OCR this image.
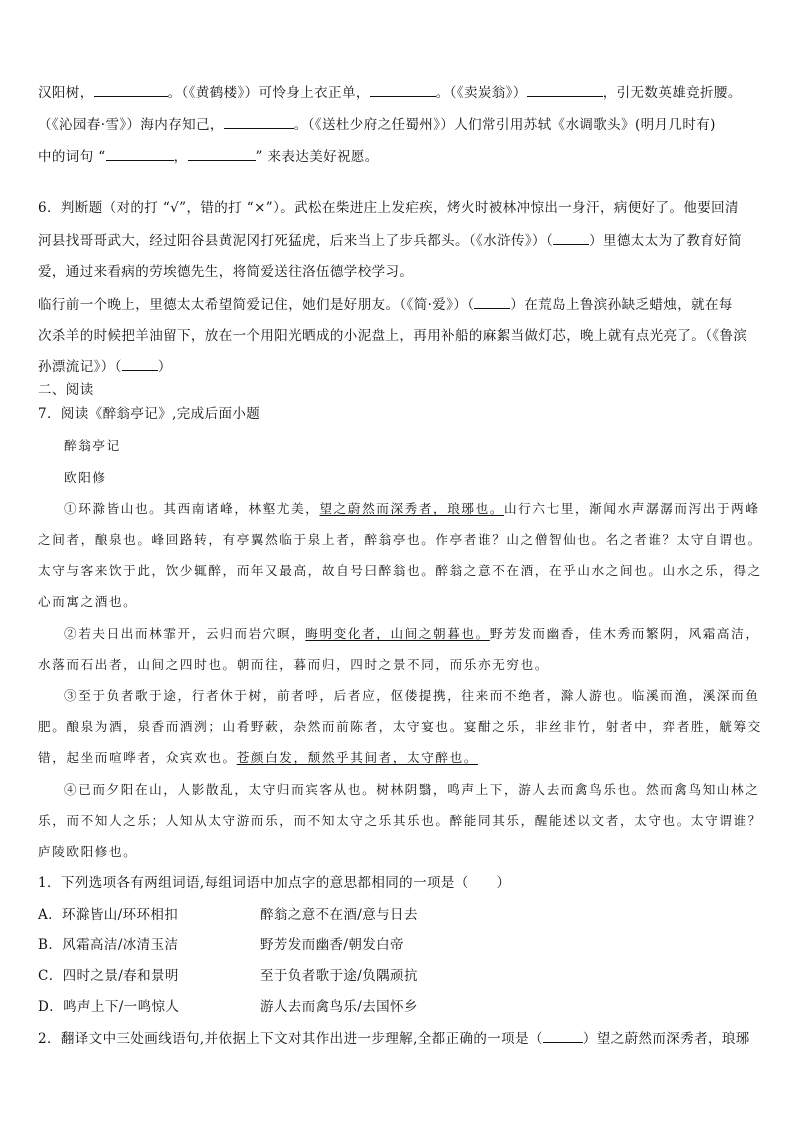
汉阳树，	。（《黄鹤楼》）可怜身上衣正单，	。（《卖炭翁》）	，引无数英雄竞折腰。
（《沁园春·雪》）海内存知己，	。（《送杜少府之任蜀州》）人们常引用苏轼《水调歌头》(明月几时有)
中的词句 “	，	” 来表达美好祝愿。
6．判断题（对的打 “√”，错的打 “×”）。武松在柴进庄上发疟疾，烤火时被林冲惊出一身汗，病便好了。他要回清
河县找哥哥武大，经过阳谷县黄泥冈打死猛虎，后来当上了步兵都头。（《水浒传》）（	）里德太太为了教育好简
爱，通过来看病的劳埃德先生，将简爱送往洛伍德学校学习。
临行前一个晚上，里德太太希望简爱记住，她们是好朋友。（《简·爱》）（	）在荒岛上鲁滨孙缺乏蜡烛，就在每
次杀羊的时候把羊油留下，放在一个用阳光晒成的小泥盘上，再用补船的麻絮当做灯芯，晚上就有点光亮了。（《鲁滨
孙漂流记》）（	）
二、阅读
7．阅读《醉翁亭记》,完成后面小题
醉翁亭记
欧阳修
①环滁皆山也。其西南诸峰，林壑尤美，望之蔚然而深秀者，琅琊也。山行六七里，渐闻水声潺潺而泻出于两峰
之间者，酿泉也。峰回路转，有亭翼然临于泉上者，醉翁亭也。作亭者谁？山之僧智仙也。名之者谁？太守自谓也。
太守与客来饮于此，饮少辄醉，而年又最高，故自号曰醉翁也。醉翁之意不在酒，在乎山水之间也。山水之乐，得之
心而寓之酒也。
②若夫日出而林霏开，云归而岩穴暝，晦明变化者，山间之朝暮也。野芳发而幽香，佳木秀而繁阴，风霜高洁，
水落而石出者，山间之四时也。朝而往，暮而归，四时之景不同，而乐亦无穷也。
③至于负者歌于途，行者休于树，前者呼，后者应，伛偻提携，往来而不绝者，滁人游也。临溪而渔，溪深而鱼
肥。酿泉为酒，泉香而酒洌；山肴野蔌，杂然而前陈者，太守宴也。宴酣之乐，非丝非竹，射者中，弈者胜，觥筹交
错，起坐而喧哗者，众宾欢也。苍颜白发，颓然乎其间者，太守醉也。
④已而夕阳在山，人影散乱，太守归而宾客从也。树林阴翳，鸣声上下，游人去而禽鸟乐也。然而禽鸟知山林之
乐，而不知人之乐；人知从太守游而乐，而不知太守之乐其乐也。醉能同其乐，醒能述以文者，太守也。太守谓谁？
庐陵欧阳修也。
1．下列选项各有两组词语,每组词语中加点字的意思都相同的一项是（　　）
A．环滁皆山/环环相扣	醉翁之意不在酒/意与日去
B．风霜高洁/冰清玉洁	野芳发而幽香/朝发白帝
C．四时之景/春和景明	至于负者歌于途/负隅顽抗
D．鸣声上下/一鸣惊人	游人去而禽鸟乐/去国怀乡
2．翻译文中三处画线语句,并依据上下文对其作出进一步理解,全都正确的一项是（	）望之蔚然而深秀者，琅琊
